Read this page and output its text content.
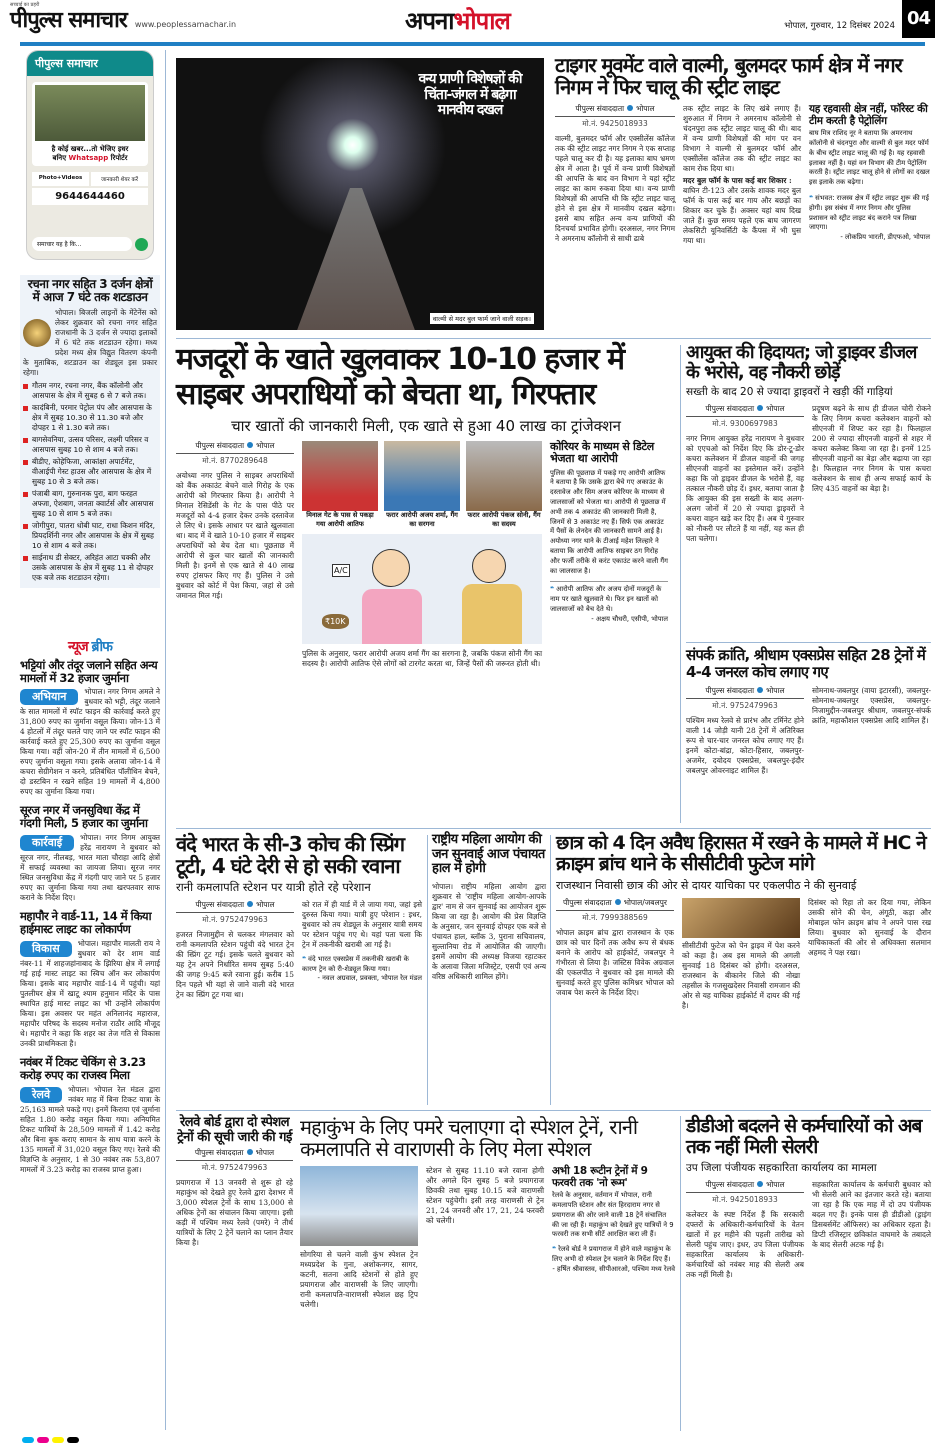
सच्चाई का प्रहरी
पीपुल्स समाचार www.peoplessamachar.in	अपनाभोपाल	भोपाल, गुरुवार, 12 दिसंबर 2024 04
पीपुल्स समाचार
है कोई खबर...तो भेजिए इधर
बनिए Whatsapp रिपोर्टर
Photo+Videos	जानकारी शेयर करें
9644644460
समाचार यह है कि...
रचना नगर सहित 3 दर्जन क्षेत्रों में आज 7 घंटे तक शटडाउन
भोपाल। बिजली लाइनों के मेंटेनेंस को लेकर शुक्रवार को रचना नगर सहित राजधानी के 3 दर्जन से ज्यादा इलाकों में 6 घंटे तक शटडाउन रहेगा। मध्य प्रदेश मध्य क्षेत्र विद्युत वितरण कंपनी के मुताबिक, शटडाउन का शेड्यूल इस प्रकार रहेगा।
गौतम नगर, रचना नगर, बैंक कॉलोनी और आसपास के क्षेत्र में सुबह 6 से 7 बजे तक।
कादंबिनी, परमार पेट्रोल पंप और आसपास के क्षेत्र में सुबह 10.30 से 11.30 बजे और दोपहर 1 से 1.30 बजे तक।
बागसेवनिया, उत्सव परिसर, लक्ष्मी परिसर व आसपास सुबह 10 से शाम 4 बजे तक।
बीडीए, कोहेफिजा, आकांक्षा अपार्टमेंट, वीआईपी गेस्ट हाउस और आसपास के क्षेत्र में सुबह 10 से 3 बजे तक।
पंजाबी बाग, गुरुनानक पुरा, बाग फरहत अफ्जा, ऐशबाग, जनता क्वार्टर्स और आसपास सुबह 10 से शाम 5 बजे तक।
जोगीपुरा, पातरा धोबी घाट, राधा किशन मंदिर, प्रियदर्शिनी नगर और आसपास के क्षेत्र में सुबह 10 से शाम 4 बजे तक।
साईनाथ डी सेक्टर, अरिहंत आटा चक्की और उसके आसपास के क्षेत्र में सुबह 11 से दोपहर एक बजे तक शटडाउन रहेगा।
न्यूज ब्रीफ
भट्टियां और तंदूर जलाने सहित अन्य मामलों में 32 हजार जुर्माना
अभियान	भोपाल। नगर निगम अमले ने बुधवार को भट्टी, तंदूर जलाने के सात मामलों में स्पॉट फाइन की कार्रवाई करते हुए 31,800 रुपए का जुर्माना वसूल किया। जोन-13 में 4 होटलों में तंदूर चलते पाए जाने पर स्पॉट फाइन की कार्रवाई करते हुए 25,300 रुपए का जुर्माना वसूल किया गया। वहीं जोन-20 में तीन मामलों में 6,500 रुपए जुर्माना वसूला गया। इसके अलावा जोन-14 में कचरा सेग्रीगेशन न करने, प्रतिबंधित पॉलीथिन बेचने, दो डस्टबिन न रखने सहित 19 मामलों में 4,800 रुपए का जुर्माना किया गया।
सूरज नगर में जनसुविधा केंद्र में गंदगी मिली, 5 हजार का जुर्माना
कार्रवाई	भोपाल। नगर निगम आयुक्त हरेंद्र नारायण ने बुधवार को सूरज नगर, नीलबड़, भारत माता चौराहा आदि क्षेत्रों में सफाई व्यवस्था का जायजा लिया। सूरज नगर स्थित जनसुविधा केंद्र में गंदगी पाए जाने पर 5 हजार रुपए का जुर्माना किया गया तथा खरपतवार साफ कराने के निर्देश दिए।
महापौर ने वार्ड-11, 14 में किया हाईमास्ट लाइट का लोकार्पण
विकास	भोपाल। महापौर मालती राय ने बुधवार को देर शाम वार्ड नंबर-11 में शाहजहांनाबाद के झिरिया क्षेत्र में लगाई गई हाई मास्ट लाइट का स्विच ऑन कर लोकार्पण किया। इसके बाद महापौर वार्ड-14 में पहुंची। यहां पुतलीघर क्षेत्र में खाटू श्याम हनुमान मंदिर के पास स्थापित हाई मास्ट लाइट का भी उन्होंने लोकार्पण किया। इस अवसर पर महंत अनिलानंद महाराज, महापौर परिषद के सदस्य मनोज राठौर आदि मौजूद थे। महापौर ने कहा कि शहर का तेज गति से विकास उनकी प्राथमिकता है।
नवंबर में टिकट चेकिंग से 3.23 करोड़ रुपए का राजस्व मिला
रेलवे	भोपाल। भोपाल रेल मंडल द्वारा नवंबर माह में बिना टिकट यात्रा के 25,163 मामले पकड़े गए। इनमें किराया एवं जुर्माना सहित 1.80 करोड़ वसूल किया गया। अनियमित टिकट यात्रियों के 28,509 मामलों में 1.42 करोड़ और बिना बुक कराए सामान के साथ यात्रा करने के 135 मामलों में 31,020 वसूल किए गए। रेलवे की विज्ञप्ति के अनुसार, 1 से 30 नवंबर तक 53,807 मामलों में 3.23 करोड़ का राजस्व प्राप्त हुआ।
वन्य प्राणी विशेषज्ञों की चिंता-जंगल में बढ़ेगा मानवीय दखल
वाल्मी से मदर बुल फार्म जाने वाली सड़क।
टाइगर मूवमेंट वाले वाल्मी, बुलमदर फार्म क्षेत्र में नगर निगम ने फिर चालू की स्ट्रीट लाइट
पीपुल्स संवाददाता भोपाल
मो.नं. 9425018933
वाल्मी, बुलमदर फॉर्म और एक्सीलेंस कॉलेज तक की स्ट्रीट लाइट नगर निगम ने एक सप्ताह पहले चालू कर दी है। यह इलाका बाघ भ्रमण क्षेत्र में आता है। पूर्व में वन्य प्राणी विशेषज्ञों की आपत्ति के बाद वन विभाग ने यहां स्ट्रीट लाइट का काम रुकवा दिया था। वन्य प्राणी विशेषज्ञों की आपत्ति थी कि स्ट्रीट लाइट चालू होने से इस क्षेत्र में मानवीय दखल बढ़ेगा। इससे बाघ सहित अन्य वन्य प्राणियों की दिनचर्या प्रभावित होगी। दरअसल, नगर निगम ने अमरनाथ कॉलोनी से साथी ढाबे
तक स्ट्रीट लाइट के लिए खंबे लगाए हैं। शुरुआत में निगम ने अमरनाथ कॉलोनी से चंदनपुरा तक स्ट्रीट लाइट चालू की थी। बाद में वन्य प्राणी विशेषज्ञों की मांग पर वन विभाग ने वाल्मी से बुलमदर फॉर्म और एक्सीलेंस कॉलेज तक की स्ट्रीट लाइट का काम रोक दिया था।
मदर बुल फॉर्म के पास कई बार शिकार :
बाघिन टी-123 और उसके शावक मदर बुल फॉर्म के पास कई बार गाय और बछड़ों का शिकार कर चुके हैं। अक्सर यहां बाघ दिख जाते हैं। कुछ समय पहले एक बाघ जागरण लेकसिटी यूनिवर्सिटी के कैंपस में भी घुस गया था।
यह रहवासी क्षेत्र नहीं, फॉरेस्ट की टीम करती है पेट्रोलिंग
बाघ मित्र राशिद नूर ने बताया कि अमरनाथ कॉलोनी से चंदनपुरा और वाल्मी से बुल मदर फॉर्म के बीच स्ट्रीट लाइट चालू की गई है। यह रहवासी इलाका नहीं है। यहां वन विभाग की टीम पेट्रोलिंग करती है। स्ट्रीट लाइट चालू होने से लोगों का दखल इस इलाके तक बढ़ेगा।
❝ संभवत: राजस्व क्षेत्र में स्ट्रीट लाइट शुरू की गई होगी। इस संबंध में नगर निगम और पुलिस प्रशासन को स्ट्रीट लाइट बंद कराने पत्र लिखा जाएगा।
- लोकप्रिय भारती, डीएफओ, भोपाल
मजदूरों के खाते खुलवाकर 10-10 हजार में साइबर अपराधियों को बेचता था, गिरफ्तार
चार खातों की जानकारी मिली, एक खाते से हुआ 40 लाख का ट्रांजेक्शन
पीपुल्स संवाददाता भोपाल
मो.नं. 8770289648
अयोध्या नगर पुलिस ने साइबर अपराधियों को बैंक अकाउंट बेचने वाले गिरोह के एक आरोपी को गिरफ्तार किया है। आरोपी ने मिनाल रेसिडेंसी के गेट के पास पीठे पर मजदूरों को 4-4 हजार देकर उनके दस्तावेज ले लिए थे। इसके आधार पर खाते खुलवाता था। बाद में वे खाते 10-10 हजार में साइबर अपराधियों को बेच देता था। पूछताछ में आरोपी से कुल चार खातों की जानकारी मिली है। इनमें से एक खाते से 40 लाख रुपए ट्रांसफर किए गए हैं। पुलिस ने उसे बुधवार को कोर्ट में पेश किया, जहां से उसे जमानत मिल गई।
मिनाल गेट के पास से पकड़ा गया आरोपी आतिफ
फरार आरोपी अजय शर्मा, गैंग का सरगना
फरार आरोपी पंकज सोनी, गैंग का सदस्य
A/C
₹10K
पुलिस के अनुसार, फरार आरोपी अजय शर्मा गैंग का सरगना है, जबकि पंकज सोनी गैंग का सदस्य है। आरोपी आतिफ ऐसे लोगों को टारगेट करता था, जिन्हें पैसों की जरूरत होती थी।
कोरियर के माध्यम से डिटेल भेजता था आरोपी
पुलिस की पूछताछ में पकड़े गए आरोपी आतिफ ने बताया है कि उसके द्वारा बेचे गए अकाउंट के दस्तावेज और सिम अजय कोरियर के माध्यम से जालसाजों को भेजता था। आरोपी से पूछताछ में अभी तक 4 अकाउंट की जानकारी मिली है, जिनमें से 3 अकाउंट नए हैं। सिर्फ एक अकाउंट में पैसों के लेनदेन की जानकारी सामने आई है। अयोध्या नगर थाने के टीआई महेश लिल्हारे ने बताया कि आरोपी आतिफ साइबर ठग गिरोह और फर्जी तरीके से करंट एकाउंट करने वाली गैंग का जालसाज है।
❝ आरोपी आतिफ और अजय दोनों मजदूरों के नाम पर खाते खुलवाते थे। फिर इन खातों को जालसाजों को बेच देते थे।
- अक्षय चौधरी, एसीपी, भोपाल
आयुक्त की हिदायत; जो ड्राइवर डीजल के भरोसे, वह नौकरी छोड़ें
सख्ती के बाद 20 से ज्यादा ड्राइवरों ने खड़ी कीं गाड़ियां
पीपुल्स संवाददाता भोपाल
मो.नं. 9300697983
नगर निगम आयुक्त हरेंद्र नारायण ने बुधवार को एएचओ को निर्देश दिए कि डोर-टू-डोर कचरा कलेक्शन में डीजल वाहनों की जगह सीएनजी वाहनों का इस्तेमाल करें। उन्होंने कहा कि जो ड्राइवर डीजल के भरोसे हैं, वह तत्काल नौकरी छोड़ दें। इधर, बताया जाता है कि आयुक्त की इस सख्ती के बाद अलग-अलग जोनों में 20 से ज्यादा ड्राइवरों ने कचरा वाहन खड़े कर दिए हैं। अब ये गुरुवार को नौकरी पर लौटते हैं या नहीं, यह कल ही पता चलेगा।
प्रदूषण बढ़ने के साथ ही डीजल चोरी रोकने के लिए निगम कचरा कलेक्शन वाहनों को सीएनजी में शिफ्ट कर रहा है। फिलहाल 200 से ज्यादा सीएनजी वाहनों से शहर में कचरा कलेक्ट किया जा रहा है। इनमें 125 सीएनजी वाहनों का बेड़ा और बढ़ाया जा रहा है। फिलहाल नगर निगम के पास कचरा कलेक्शन के साथ ही अन्य सफाई कार्य के लिए 435 वाहनों का बेड़ा है।
संपर्क क्रांति, श्रीधाम एक्सप्रेस सहित 28 ट्रेनों में 4-4 जनरल कोच लगाए गए
पीपुल्स संवाददाता भोपाल
मो.नं. 9752479963
पश्चिम मध्य रेलवे से प्रारंभ और टर्मिनेट होने वाली 14 जोड़ी यानी 28 ट्रेनों में अतिरिक्त रूप से चार-चार जनरल कोच लगाए गए हैं। इनमें कोटा-बांद्रा, कोटा-हिसार, जबलपुर-अजमेर, दयोदय एक्सप्रेस, जबलपुर-इंदौर जबलपुर ओवरनाइट शामिल हैं।
सोमनाथ-जबलपुर (वाया इटारसी), जबलपुर-सोमनाथ-जबलपुर एक्सप्रेस, जबलपुर-निजामुद्दीन-जबलपुर श्रीधाम, जबलपुर-संपर्क क्रांति, महाकौशल एक्सप्रेस आदि शामिल हैं।
वंदे भारत के सी-3 कोच की स्प्रिंग टूटी, 4 घंटे देरी से हो सकी रवाना
रानी कमलापति स्टेशन पर यात्री होते रहे परेशान
पीपुल्स संवाददाता भोपाल
मो.नं. 9752479963
हजरत निजामुद्दीन से चलकर मंगलवार को रानी कमलापति स्टेशन पहुंची वंदे भारत ट्रेन की स्प्रिंग टूट गई। इसके चलते बुधवार को यह ट्रेन अपने निर्धारित समय सुबह 5:40 की जगह 9:45 बजे रवाना हुई। करीब 15 दिन पहले भी यहां से जाने वाली वंदे भारत ट्रेन का स्प्रिंग टूट गया था।
को रात में ही यार्ड में ले जाया गया, जहां इसे दुरुस्त किया गया। यात्री हुए परेशान : इधर, बुधवार को तय शेड्यूल के अनुसार यात्री समय पर स्टेशन पहुंच गए थे। यहां पता चला कि ट्रेन में तकनीकी खराबी आ गई है।
❝ वंदे भारत एक्सप्रेस में तकनीकी खराबी के कारण ट्रेन को री-शेड्यूल किया गया।
- नवल अग्रवाल, प्रवक्ता, भोपाल रेल मंडल
राष्ट्रीय महिला आयोग की जन सुनवाई आज पंचायत हाल में होगी
भोपाल। राष्ट्रीय महिला आयोग द्वारा शुक्रवार से 'राष्ट्रीय महिला आयोग-आपके द्वार' नाम से जन सुनवाई का आयोजन शुरू किया जा रहा है। आयोग की प्रेस विज्ञप्ति के अनुसार, जन सुनवाई दोपहर एक बजे से पंचायत हाल, ब्लॉक 3, पुराना सचिवालय, सुल्तानिया रोड में आयोजित की जाएगी। इसमें आयोग की अध्यक्ष विजया रहाटकर के अलावा जिला मजिस्ट्रेट, एसपी एवं अन्य वरिष्ठ अधिकारी शामिल होंगे।
छात्र को 4 दिन अवैध हिरासत में रखने के मामले में HC ने क्राइम ब्रांच थाने के सीसीटीवी फुटेज मांगे
राजस्थान निवासी छात्र की ओर से दायर याचिका पर एकलपीठ ने की सुनवाई
पीपुल्स संवाददाता भोपाल/जबलपुर
मो.नं. 7999388569
भोपाल क्राइम ब्रांच द्वारा राजस्थान के एक छात्र को चार दिनों तक अवैध रूप से बंधक बनाने के आरोप को हाईकोर्ट, जबलपुर ने गंभीरता से लिया है। जस्टिस विवेक अग्रवाल की एकलपीठ ने बुधवार को इस मामले की सुनवाई करते हुए पुलिस कमिश्नर भोपाल को जवाब पेश करने के निर्देश दिए।
सीसीटीवी फुटेज को पेन ड्राइव में पेश करने को कहा है। अब इस मामले की अगली सुनवाई 18 दिसंबर को होगी। दरअसल, राजस्थान के बीकानेर जिले की नोखा तहसील के गजसुखदेसर निवासी रामजान की ओर से यह याचिका हाईकोर्ट में दायर की गई है।
दिसंबर को रिहा तो कर दिया गया, लेकिन उसकी सोने की चेन, अंगूठी, कड़ा और मोबाइल फोन क्राइम ब्रांच ने अपने पास रख लिया। बुधवार को सुनवाई के दौरान याचिकाकर्ता की ओर से अधिवक्ता सलमान अहमद ने पक्ष रखा।
रेलवे बोर्ड द्वारा दो स्पेशल ट्रेनों की सूची जारी की गई
पीपुल्स संवाददाता भोपाल
मो.नं. 9752479963
प्रयागराज में 13 जनवरी से शुरू हो रहे महाकुंभ को देखते हुए रेलवे द्वारा देशभर में 3,000 स्पेशल ट्रेनों के साथ 13,000 से अधिक ट्रेनों का संचालन किया जाएगा। इसी कड़ी में पश्चिम मध्य रेलवे (पमरे) ने तीर्थ यात्रियों के लिए 2 ट्रेनें चलाने का प्लान तैयार किया है।
महाकुंभ के लिए पमरे चलाएगा दो स्पेशल ट्रेनें, रानी कमलापति से वाराणसी के लिए मेला स्पेशल
सोगरिया से चलने वाली कुंभ स्पेशल ट्रेन मध्यप्रदेश के गुना, अशोकनगर, सागर, कटनी, सतना आदि स्टेशनों से होते हुए प्रयागराज और वाराणसी के लिए जाएगी। रानी कमलापति-वाराणसी स्पेशल छह ट्रिप चलेगी।
स्टेशन से सुबह 11.10 बजे रवाना होगी और अगले दिन सुबह 5 बजे प्रयागराज छिवकी तथा सुबह 10.15 बजे वाराणसी स्टेशन पहुंचेगी। इसी तरह वाराणसी से ट्रेन 21, 24 जनवरी और 17, 21, 24 फरवरी को चलेगी।
अभी 18 रूटीन ट्रेनों में 9 फरवरी तक 'नो रूम'
रेलवे के अनुसार, वर्तमान में भोपाल, रानी कमलापति स्टेशन और संत हिरदाराम नगर से प्रयागराज की ओर जाने वाली 18 ट्रेनें संचालित की जा रही हैं। महाकुंभ को देखते हुए यात्रियों ने 9 फरवरी तक सभी सीटें आरक्षित करा ली हैं।
❝ रेलवे बोर्ड ने प्रयागराज में होने वाले महाकुंभ के लिए अभी दो स्पेशल ट्रेन चलाने के निर्देश दिए हैं।
- हर्षित श्रीवास्तव, सीपीआरओ, पश्चिम मध्य रेलवे
डीडीओ बदलने से कर्मचारियों को अब तक नहीं मिली सेलरी
उप जिला पंजीयक सहकारिता कार्यालय का मामला
पीपुल्स संवाददाता भोपाल
मो.नं. 9425018933
कलेक्टर के स्पष्ट निर्देश हैं कि सरकारी दफ्तरों के अधिकारी-कर्मचारियों के वेतन खातों में हर महीने की पहली तारीख को सेलरी पहुंच जाए। इधर, उप जिला पंजीयक सहकारिता कार्यालय के अधिकारी-कर्मचारियों को नवंबर माह की सेलरी अब तक नहीं मिली है।
सहकारिता कार्यालय के कर्मचारी बुधवार को भी सेलरी आने का इंतजार करते रहे। बताया जा रहा है कि एक माह में दो उप पंजीयक बदल गए हैं। इनके पास ही डीडीओ (ड्राइंग डिसबर्समेंट ऑफिसर) का अधिकार रहता है। डिप्टी रजिस्ट्रार छविकांत वाघमारे के तबादले के बाद सेलरी अटक गई है।
